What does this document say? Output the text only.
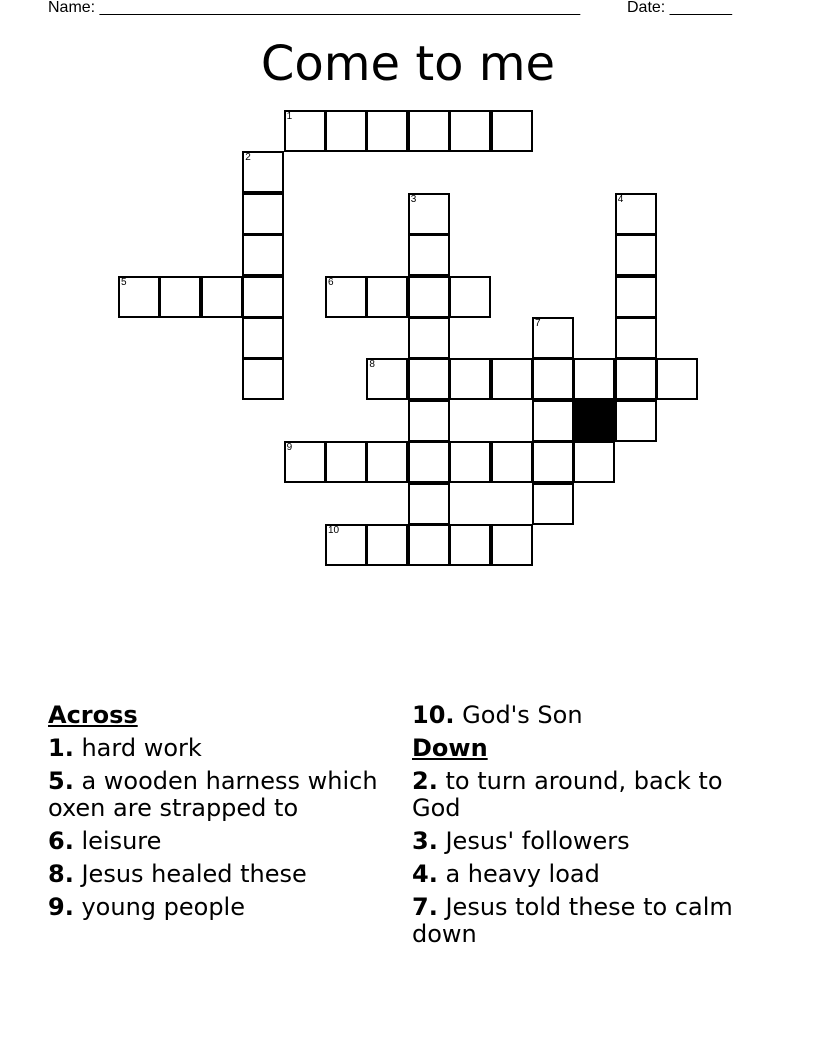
Name: ______________________________________________________	Date: _______
Come to me
1
2
3	4
5	6
7
8
9
10
Across
1. hard work
5. a wooden harness which oxen are strapped to
6. leisure
8. Jesus healed these
9. young people
10. God's Son
Down
2. to turn around, back to God
3. Jesus' followers
4. a heavy load
7. Jesus told these to calm down
